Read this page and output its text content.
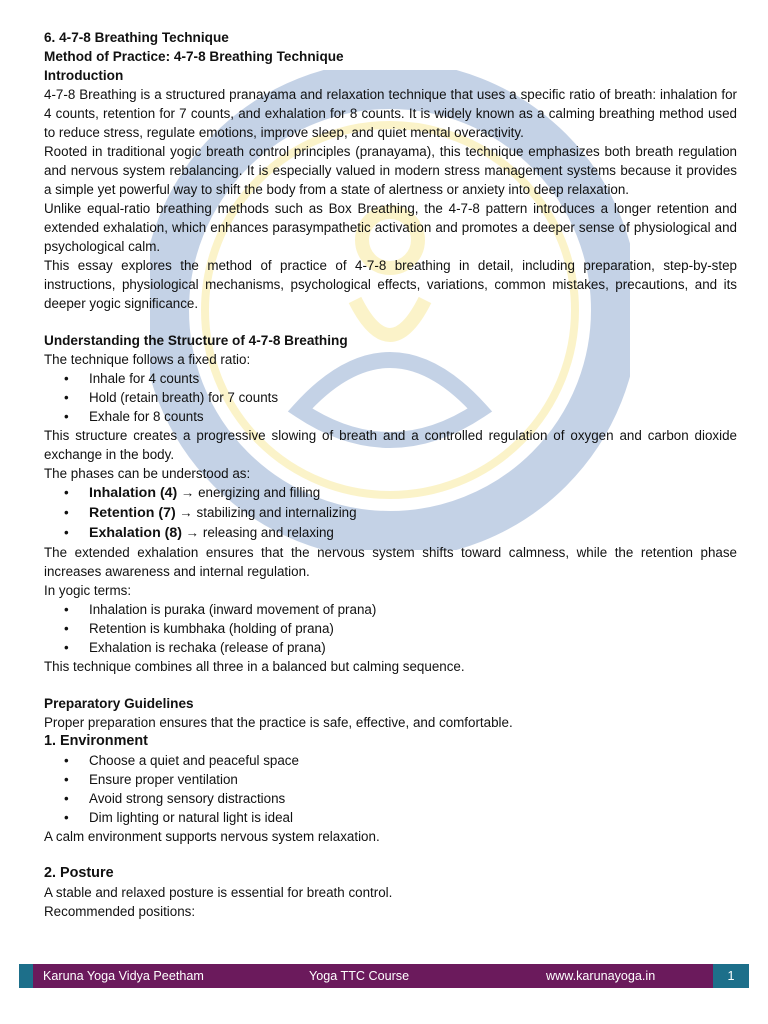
6. 4-7-8 Breathing Technique

Method of Practice: 4-7-8 Breathing Technique

Introduction

4-7-8 Breathing is a structured pranayama and relaxation technique that uses a specific ratio of breath: inhalation for 4 counts, retention for 7 counts, and exhalation for 8 counts. It is widely known as a calming breathing method used to reduce stress, regulate emotions, improve sleep, and quiet mental overactivity.

Rooted in traditional yogic breath control principles (pranayama), this technique emphasizes both breath regulation and nervous system rebalancing. It is especially valued in modern stress management systems because it provides a simple yet powerful way to shift the body from a state of alertness or anxiety into deep relaxation.

Unlike equal-ratio breathing methods such as Box Breathing, the 4-7-8 pattern introduces a longer retention and extended exhalation, which enhances parasympathetic activation and promotes a deeper sense of physiological and psychological calm.

This essay explores the method of practice of 4-7-8 breathing in detail, including preparation, step-by-step instructions, physiological mechanisms, psychological effects, variations, common mistakes, precautions, and its deeper yogic significance.

Understanding the Structure of 4-7-8 Breathing

The technique follows a fixed ratio:

• Inhale for 4 counts
• Hold (retain breath) for 7 counts
• Exhale for 8 counts

This structure creates a progressive slowing of breath and a controlled regulation of oxygen and carbon dioxide exchange in the body.

The phases can be understood as:

• Inhalation (4) → energizing and filling
• Retention (7) → stabilizing and internalizing
• Exhalation (8) → releasing and relaxing

The extended exhalation ensures that the nervous system shifts toward calmness, while the retention phase increases awareness and internal regulation.

In yogic terms:

• Inhalation is puraka (inward movement of prana)
• Retention is kumbhaka (holding of prana)
• Exhalation is rechaka (release of prana)

This technique combines all three in a balanced but calming sequence.

Preparatory Guidelines

Proper preparation ensures that the practice is safe, effective, and comfortable.

1. Environment

• Choose a quiet and peaceful space
• Ensure proper ventilation
• Avoid strong sensory distractions
• Dim lighting or natural light is ideal

A calm environment supports nervous system relaxation.

2. Posture

A stable and relaxed posture is essential for breath control.

Recommended positions:

Karuna Yoga Vidya Peetham	Yoga TTC Course	www.karunayoga.in	1
